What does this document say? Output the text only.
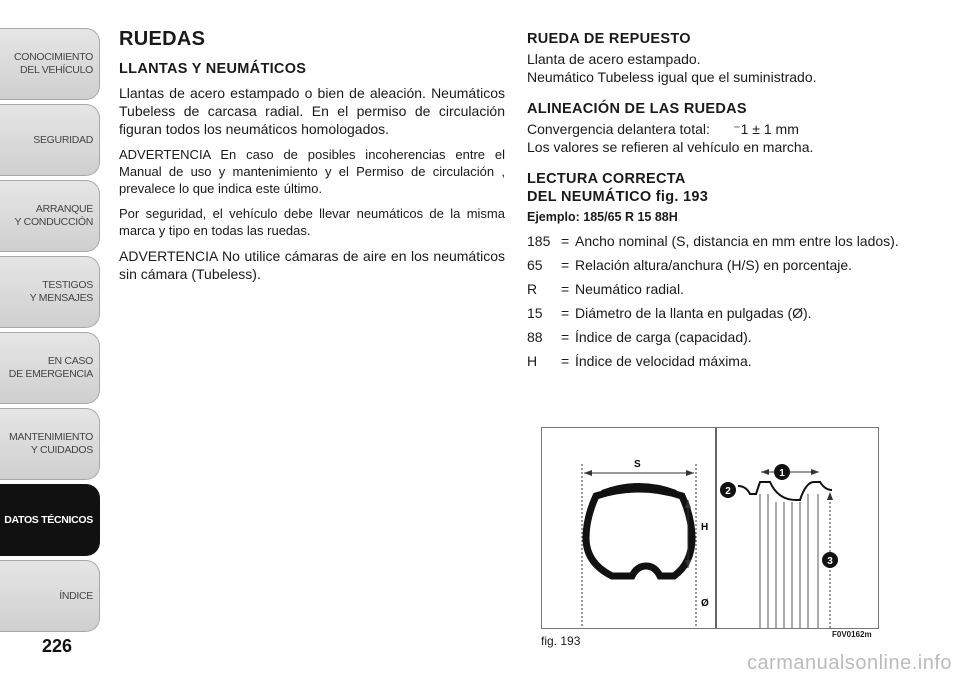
CONOCIMIENTO
DEL VEHÍCULO
SEGURIDAD
ARRANQUE
Y CONDUCCIÓN
TESTIGOS
Y MENSAJES
EN CASO
DE EMERGENCIA
MANTENIMIENTO
Y CUIDADOS
DATOS TÉCNICOS
ÍNDICE
226
RUEDAS
LLANTAS Y NEUMÁTICOS

Llantas de acero estampado o bien de aleación. Neumáticos Tubeless de carcasa radial. En el permiso de circulación figuran todos los neumáticos homologados.

ADVERTENCIA En caso de posibles incoherencias entre el Manual de uso y mantenimiento y el Permiso de circulación , prevalece lo que indica este último.

Por seguridad, el vehículo debe llevar neumáticos de la misma marca y tipo en todas las ruedas.

ADVERTENCIA No utilice cámaras de aire en los neumáticos sin cámara (Tubeless).

RUEDA DE REPUESTO
Llanta de acero estampado.
Neumático Tubeless igual que el suministrado.
ALINEACIÓN DE LAS RUEDAS
Convergencia delantera total:      ⁻1 ± 1 mm
Los valores se refieren al vehículo en marcha.
LECTURA CORRECTA
DEL NEUMÁTICO fig. 193
Ejemplo: 185/65 R 15 88H
185 = Ancho nominal (S, distancia en mm entre los lados).
65	= Relación altura/anchura (H/S) en porcentaje.
R	= Neumático radial.
15	= Diámetro de la llanta en pulgadas (Ø).
88	= Índice de carga (capacidad).
H	= Índice de velocidad máxima.
S
H
Ø
1
2
3
fig. 193	F0V0162m
carmanualsonline.info
